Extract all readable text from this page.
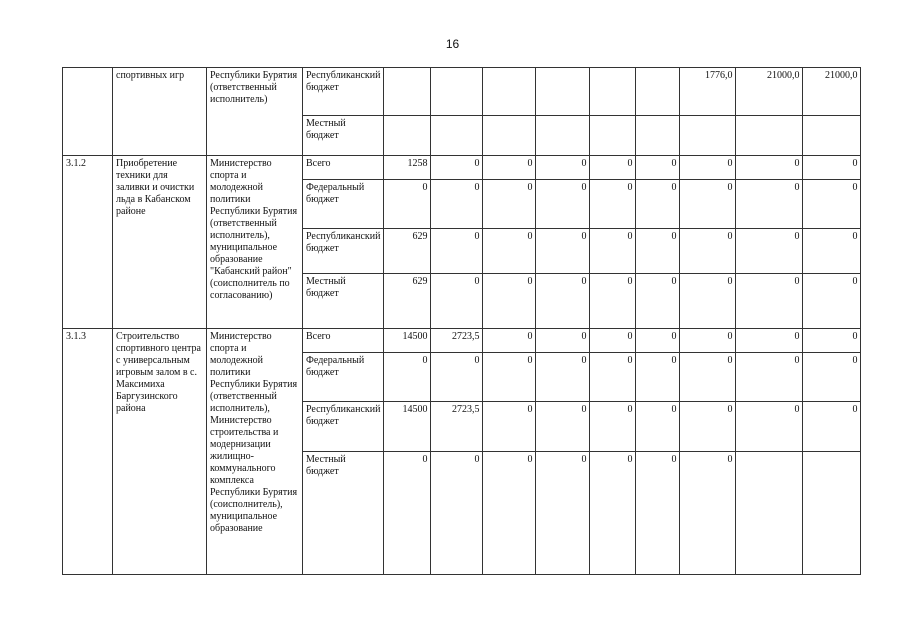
16
	спортивных игр	Республики Бурятия (ответственный исполнитель)	Республиканский бюджет							1776,0	21000,0	21000,0
			Местный бюджет									
3.1.2	Приобретение техники для заливки и очистки льда в Кабанском районе	Министерство спорта и молодежной политики Республики Бурятия (ответственный исполнитель), муниципальное образование "Кабанский район" (соисполнитель по согласованию)	Всего	1258	0	0	0	0	0	0	0	0
			Федеральный бюджет	0	0	0	0	0	0	0	0	0
			Республиканский бюджет	629	0	0	0	0	0	0	0	0
			Местный бюджет	629	0	0	0	0	0	0	0	0
3.1.3	Строительство спортивного центра с универсальным игровым залом в с. Максимиха Баргузинского района	Министерство спорта и молодежной политики Республики Бурятия (ответственный исполнитель), Министерство строительства и модернизации жилищно-коммунального комплекса Республики Бурятия (соисполнитель), муниципальное образование	Всего	14500	2723,5	0	0	0	0	0	0	0
			Федеральный бюджет	0	0	0	0	0	0	0	0	0
			Республиканский бюджет	14500	2723,5	0	0	0	0	0	0	0
			Местный бюджет	0	0	0	0	0	0	0		
